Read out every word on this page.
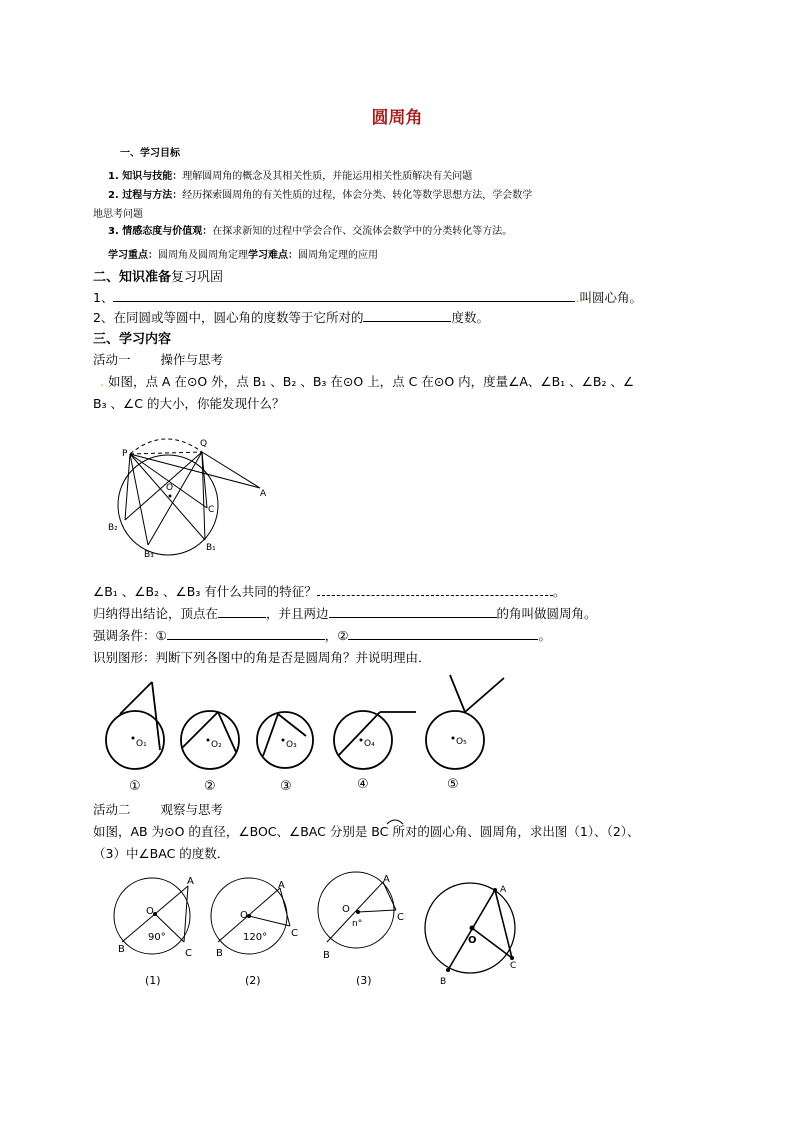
圆周角
一、学习目标
1. 知识与技能：理解圆周角的概念及其相关性质，并能运用相关性质解决有关问题
2. 过程与方法：经历探索圆周角的有关性质的过程，体会分类、转化等数学思想方法，学会数学
地思考问题
3. 情感态度与价值观：在探求新知的过程中学会合作、交流体会数学中的分类转化等方法。
学习重点：圆周角及圆周角定理学习难点：圆周角定理的应用
二、知识准备复习巩固
1、	.叫圆心角。
2、在同圆或等圆中，圆心角的度数等于它所对的	度数。
三、学习内容
活动一 操作与思考
. 如图，点 A 在⊙O 外，点 B₁ 、B₂ 、B₃ 在⊙O 上，点 C 在⊙O 内，度量∠A、∠B₁ 、∠B₂ 、∠
B₃ 、∠C 的大小，你能发现什么？
P
Q
O
A
C
B₁
B₂
B₃
∠B₁ 、∠B₂ 、∠B₃ 有什么共同的特征？	。
归纳得出结论，顶点在	，并且两边	的角叫做圆周角。
强调条件：①	，②	。
识别图形：判断下列各图中的角是否是圆周角？并说明理由．
O₁	O₂	O₃	O₄	O₅
①	②	③	④	⑤
活动二 观察与思考
如图，AB 为⊙O 的直径，∠BOC、∠BAC 分别是 BC 所对的圆心角、圆周角，求出图（1）、（2）、
（3）中∠BAC 的度数．
O
A
B	C
90°
O
A
B
C
120°
O
A
B
C
n°
O
A
B
C
(1)	(2)	(3)
